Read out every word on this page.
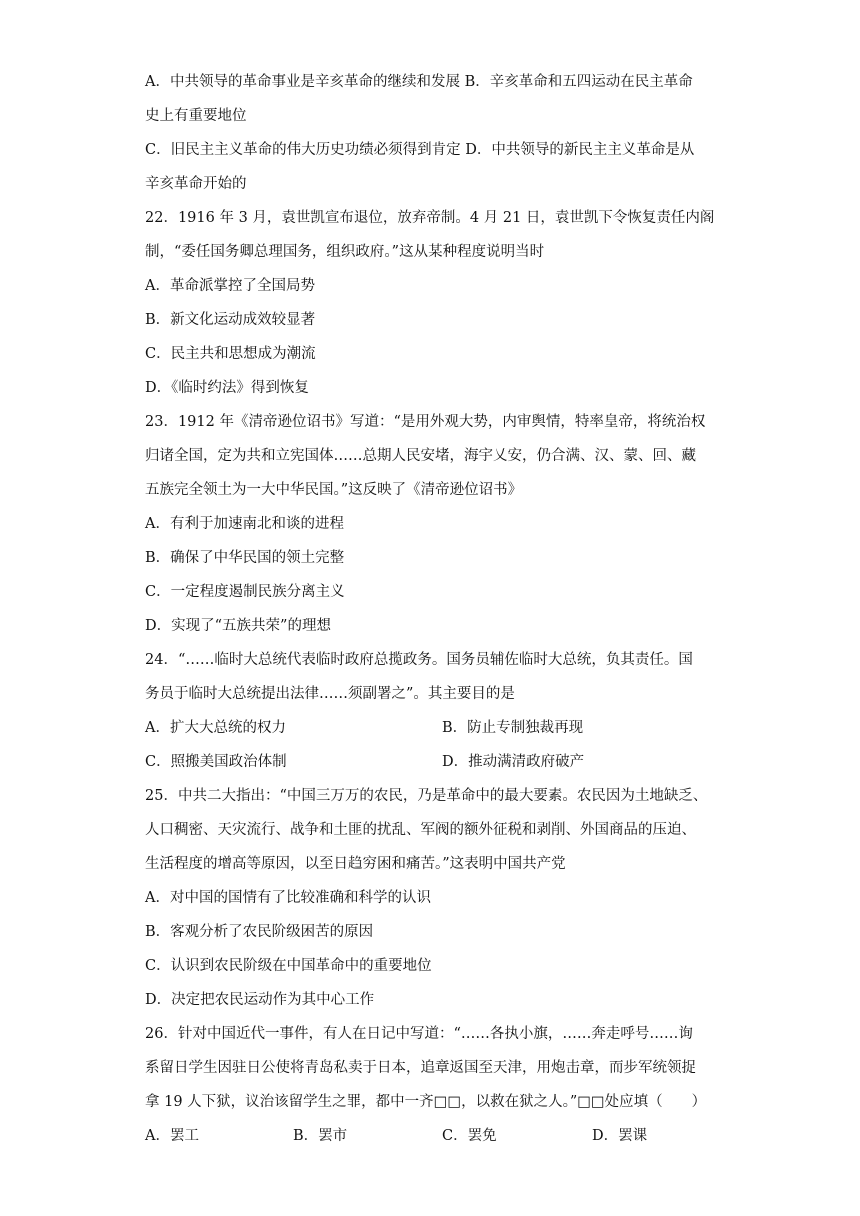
A．中共领导的革命事业是辛亥革命的继续和发展 B．辛亥革命和五四运动在民主革命
史上有重要地位
C．旧民主主义革命的伟大历史功绩必须得到肯定 D．中共领导的新民主主义革命是从
辛亥革命开始的
22．1916 年 3 月，袁世凯宣布退位，放弃帝制。4 月 21 日，袁世凯下令恢复责任内阁
制，“委任国务卿总理国务，组织政府。”这从某种程度说明当时
A．革命派掌控了全国局势
B．新文化运动成效较显著
C．民主共和思想成为潮流
D．《临时约法》得到恢复
23．1912 年《清帝逊位诏书》写道：“是用外观大势，内审舆情，特率皇帝，将统治权
归诸全国，定为共和立宪国体……总期人民安堵，海宇乂安，仍合满、汉、蒙、回、藏
五族完全领土为一大中华民国。”这反映了《清帝逊位诏书》
A．有利于加速南北和谈的进程
B．确保了中华民国的领土完整
C．一定程度遏制民族分离主义
D．实现了“五族共荣”的理想
24．“……临时大总统代表临时政府总揽政务。国务员辅佐临时大总统，负其责任。国
务员于临时大总统提出法律……须副署之”。其主要目的是
A．扩大大总统的权力	B．防止专制独裁再现
C．照搬美国政治体制	D．推动满清政府破产
25．中共二大指出：“中国三万万的农民，乃是革命中的最大要素。农民因为土地缺乏、
人口稠密、天灾流行、战争和土匪的扰乱、军阀的额外征税和剥削、外国商品的压迫、
生活程度的增高等原因，以至日趋穷困和痛苦。”这表明中国共产党
A．对中国的国情有了比较准确和科学的认识
B．客观分析了农民阶级困苦的原因
C．认识到农民阶级在中国革命中的重要地位
D．决定把农民运动作为其中心工作
26．针对中国近代一事件，有人在日记中写道：“……各执小旗，……奔走呼号……询
系留日学生因驻日公使将青岛私卖于日本，追章返国至天津，用炮击章，而步军统领捉
拿 19 人下狱，议治该留学生之罪，都中一齐□□，以救在狱之人。”□□处应填（　　）
A．罢工	B．罢市	C．罢免	D．罢课
